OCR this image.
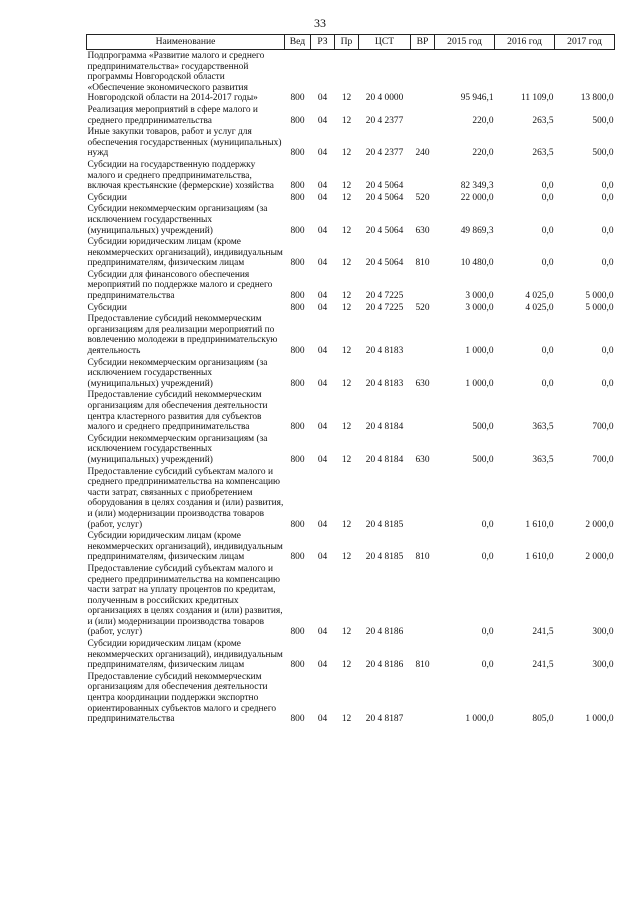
33
Наименование	Вед	РЗ	Пр	ЦСТ	ВР	2015 год	2016 год	2017 год
Подпрограмма «Развитие малого и среднего предпринимательства» государственной программы Новгородской области «Обеспечение экономического развития Новгородской области на 2014-2017 годы»	800	04	12	20 4 0000		95 946,1	11 109,0	13 800,0
Реализация мероприятий в сфере малого и среднего предпринимательства	800	04	12	20 4 2377		220,0	263,5	500,0
Иные закупки товаров, работ и услуг для обеспечения государственных (муниципальных) нужд	800	04	12	20 4 2377	240	220,0	263,5	500,0
Субсидии на государственную поддержку малого и среднего предпринимательства, включая крестьянские (фермерские) хозяйства	800	04	12	20 4 5064		82 349,3	0,0	0,0
Субсидии	800	04	12	20 4 5064	520	22 000,0	0,0	0,0
Субсидии некоммерческим организациям (за исключением государственных (муниципальных) учреждений)	800	04	12	20 4 5064	630	49 869,3	0,0	0,0
Субсидии юридическим лицам (кроме некоммерческих организаций), индивидуальным предпринимателям, физическим лицам	800	04	12	20 4 5064	810	10 480,0	0,0	0,0
Субсидии для финансового обеспечения мероприятий по поддержке малого и среднего предпринимательства	800	04	12	20 4 7225		3 000,0	4 025,0	5 000,0
Субсидии	800	04	12	20 4 7225	520	3 000,0	4 025,0	5 000,0
Предоставление субсидий некоммерческим организациям для реализации мероприятий по вовлечению молодежи в предпринимательскую деятельность	800	04	12	20 4 8183		1 000,0	0,0	0,0
Субсидии некоммерческим организациям (за исключением государственных (муниципальных) учреждений)	800	04	12	20 4 8183	630	1 000,0	0,0	0,0
Предоставление субсидий некоммерческим организациям для обеспечения деятельности центра кластерного развития для субъектов малого и среднего предпринимательства	800	04	12	20 4 8184		500,0	363,5	700,0
Субсидии некоммерческим организациям (за исключением государственных (муниципальных) учреждений)	800	04	12	20 4 8184	630	500,0	363,5	700,0
Предоставление субсидий субъектам малого и среднего предпринимательства на компенсацию части затрат, связанных с приобретением оборудования в целях создания и (или) развития, и (или) модернизации производства товаров (работ, услуг)	800	04	12	20 4 8185		0,0	1 610,0	2 000,0
Субсидии юридическим лицам (кроме некоммерческих организаций), индивидуальным предпринимателям, физическим лицам	800	04	12	20 4 8185	810	0,0	1 610,0	2 000,0
Предоставление субсидий субъектам малого и среднего предпринимательства на компенсацию части затрат на уплату процентов по кредитам, полученным в российских кредитных организациях в целях создания и (или) развития, и (или) модернизации производства товаров (работ, услуг)	800	04	12	20 4 8186		0,0	241,5	300,0
Субсидии юридическим лицам (кроме некоммерческих организаций), индивидуальным предпринимателям, физическим лицам	800	04	12	20 4 8186	810	0,0	241,5	300,0
Предоставление субсидий некоммерческим организациям для обеспечения деятельности центра координации поддержки экспортно ориентированных субъектов малого и среднего предпринимательства	800	04	12	20 4 8187		1 000,0	805,0	1 000,0
